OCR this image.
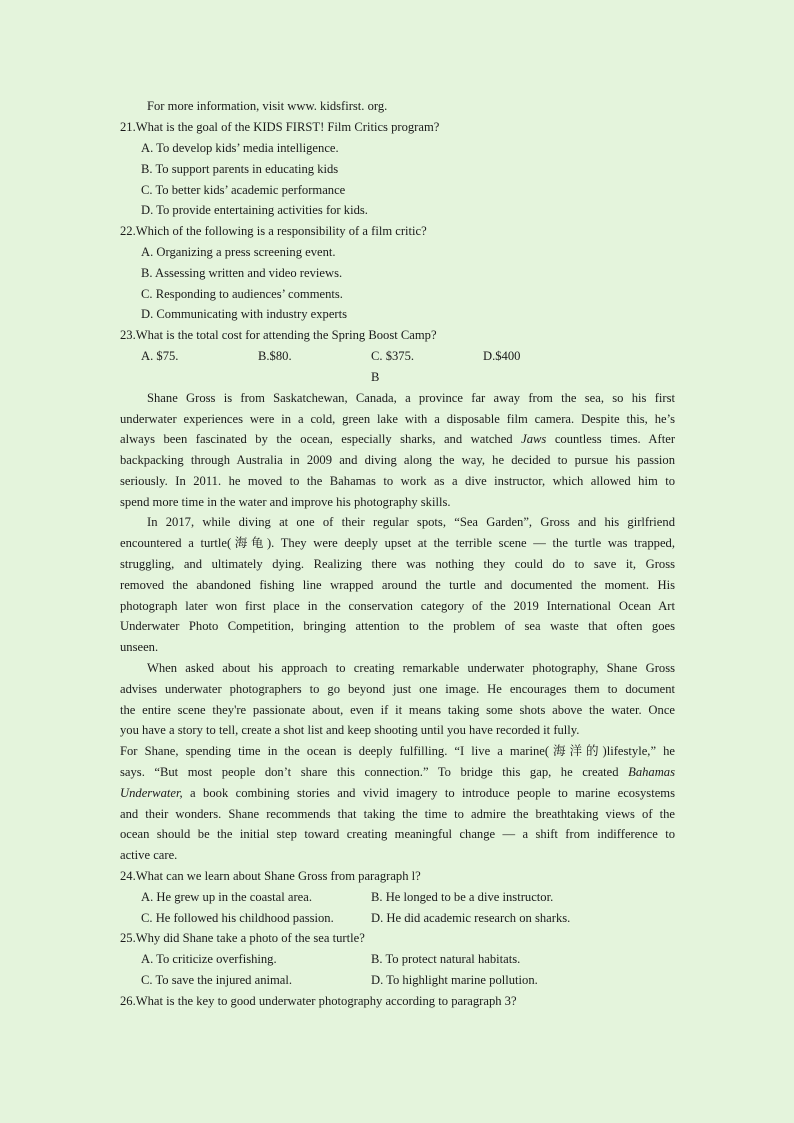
For more information, visit www. kidsfirst. org.
21.What is the goal of the KIDS FIRST! Film Critics program?
A. To develop kids’ media intelligence.
B. To support parents in educating kids
C. To better kids’ academic performance
D. To provide entertaining activities for kids.
22.Which of the following is a responsibility of a film critic?
A. Organizing a press screening event.
B. Assessing written and video reviews.
C. Responding to audiences’ comments.
D. Communicating with industry experts
23.What is the total cost for attending the Spring Boost Camp?
A. $75.	B.$80.	C. $375.	D.$400
B
Shane Gross is from Saskatchewan, Canada, a province far away from the sea, so his first
underwater experiences were in a cold, green lake with a disposable film camera. Despite this, he’s
always been fascinated by the ocean, especially sharks, and watched Jaws countless times. After
backpacking through Australia in 2009 and diving along the way, he decided to pursue his passion
seriously. In 2011. he moved to the Bahamas to work as a dive instructor, which allowed him to
spend more time in the water and improve his photography skills.
In 2017, while diving at one of their regular spots, “Sea Garden”, Gross and his girlfriend
encountered a turtle(海龟). They were deeply upset at the terrible scene — the turtle was trapped,
struggling, and ultimately dying. Realizing there was nothing they could do to save it, Gross
removed the abandoned fishing line wrapped around the turtle and documented the moment. His
photograph later won first place in the conservation category of the 2019 International Ocean Art
Underwater Photo Competition, bringing attention to the problem of sea waste that often goes
unseen.
When asked about his approach to creating remarkable underwater photography, Shane Gross
advises underwater photographers to go beyond just one image. He encourages them to document
the entire scene they're passionate about, even if it means taking some shots above the water. Once
you have a story to tell, create a shot list and keep shooting until you have recorded it fully.
For Shane, spending time in the ocean is deeply fulfilling. “I live a marine(海洋的)lifestyle,” he
says. “But most people don’t share this connection.” To bridge this gap, he created Bahamas
Underwater, a book combining stories and vivid imagery to introduce people to marine ecosystems
and their wonders. Shane recommends that taking the time to admire the breathtaking views of the
ocean should be the initial step toward creating meaningful change — a shift from indifference to
active care.
24.What can we learn about Shane Gross from paragraph l?
A. He grew up in the coastal area.	B. He longed to be a dive instructor.
C. He followed his childhood passion.	D. He did academic research on sharks.
25.Why did Shane take a photo of the sea turtle?
A. To criticize overfishing.	B. To protect natural habitats.
C. To save the injured animal.	D. To highlight marine pollution.
26.What is the key to good underwater photography according to paragraph 3?
